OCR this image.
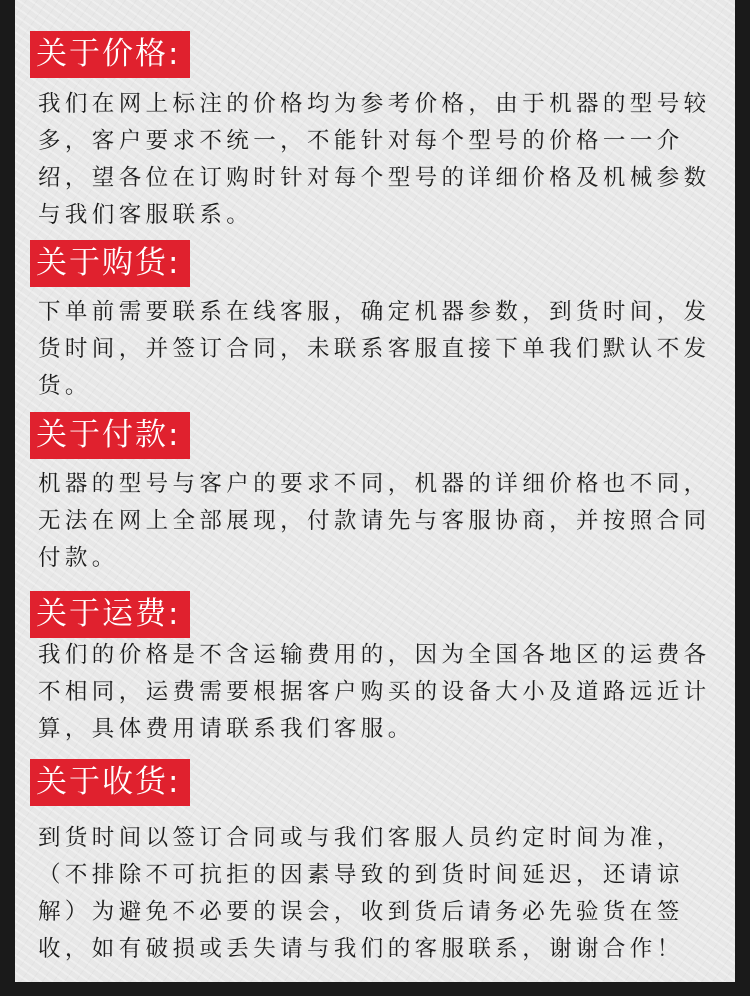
关于价格:

我们在网上标注的价格均为参考价格，由于机器的型号较多，客户要求不统一，不能针对每个型号的价格一一介绍，望各位在订购时针对每个型号的详细价格及机械参数与我们客服联系。

关于购货:

下单前需要联系在线客服，确定机器参数，到货时间，发货时间，并签订合同，未联系客服直接下单我们默认不发货。

关于付款:

机器的型号与客户的要求不同，机器的详细价格也不同，无法在网上全部展现，付款请先与客服协商，并按照合同付款。

关于运费:

我们的价格是不含运输费用的，因为全国各地区的运费各不相同，运费需要根据客户购买的设备大小及道路远近计算，具体费用请联系我们客服。

关于收货:

到货时间以签订合同或与我们客服人员约定时间为准，（不排除不可抗拒的因素导致的到货时间延迟，还请谅解）为避免不必要的误会，收到货后请务必先验货在签收，如有破损或丢失请与我们的客服联系，谢谢合作！
